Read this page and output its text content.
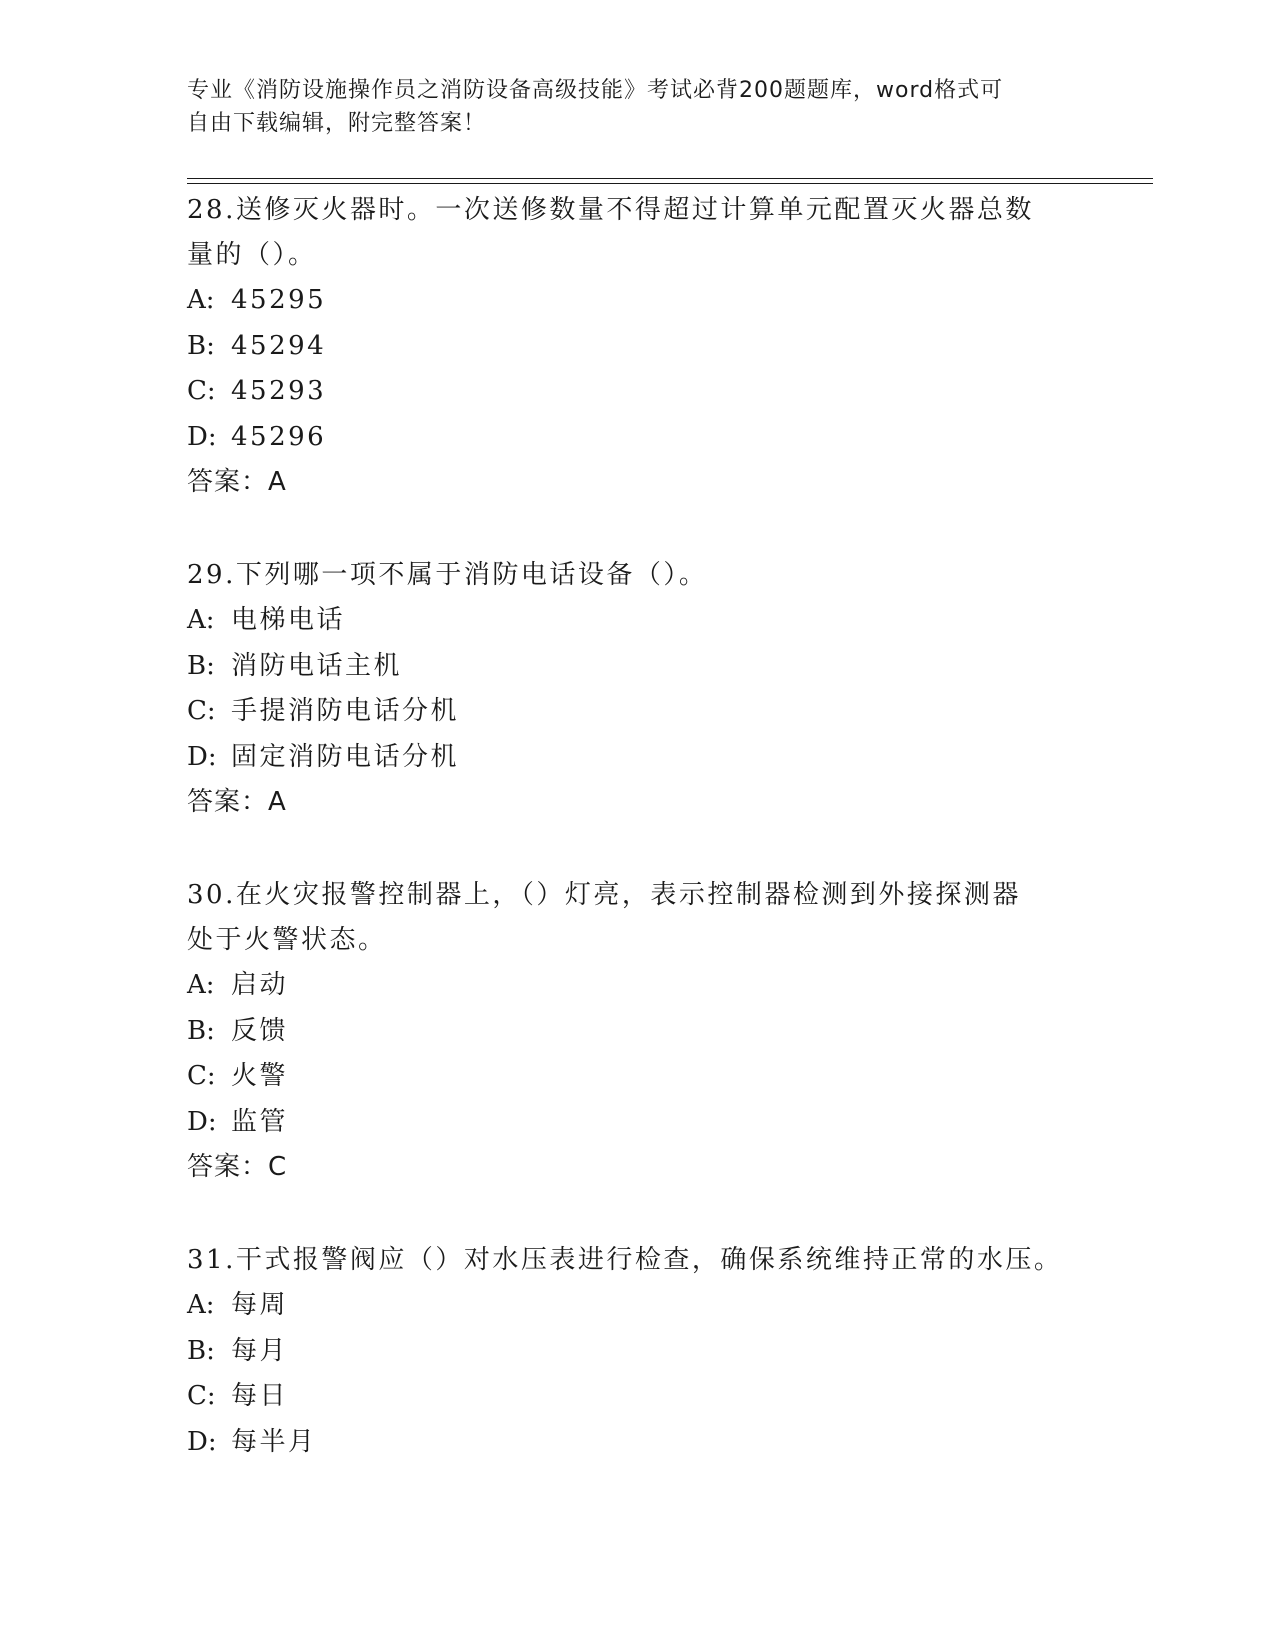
专业《消防设施操作员之消防设备高级技能》考试必背200题题库，word格式可
自由下载编辑，附完整答案！
28.送修灭火器时。一次送修数量不得超过计算单元配置灭火器总数量的（）。
A: 45295
B: 45294
C: 45293
D: 45296
答案：A
29.下列哪一项不属于消防电话设备（）。
A: 电梯电话
B: 消防电话主机
C: 手提消防电话分机
D: 固定消防电话分机
答案：A
30.在火灾报警控制器上，（）灯亮，表示控制器检测到外接探测器处于火警状态。
A: 启动
B: 反馈
C: 火警
D: 监管
答案：C
31.干式报警阀应（）对水压表进行检查，确保系统维持正常的水压。
A: 每周
B: 每月
C: 每日
D: 每半月
